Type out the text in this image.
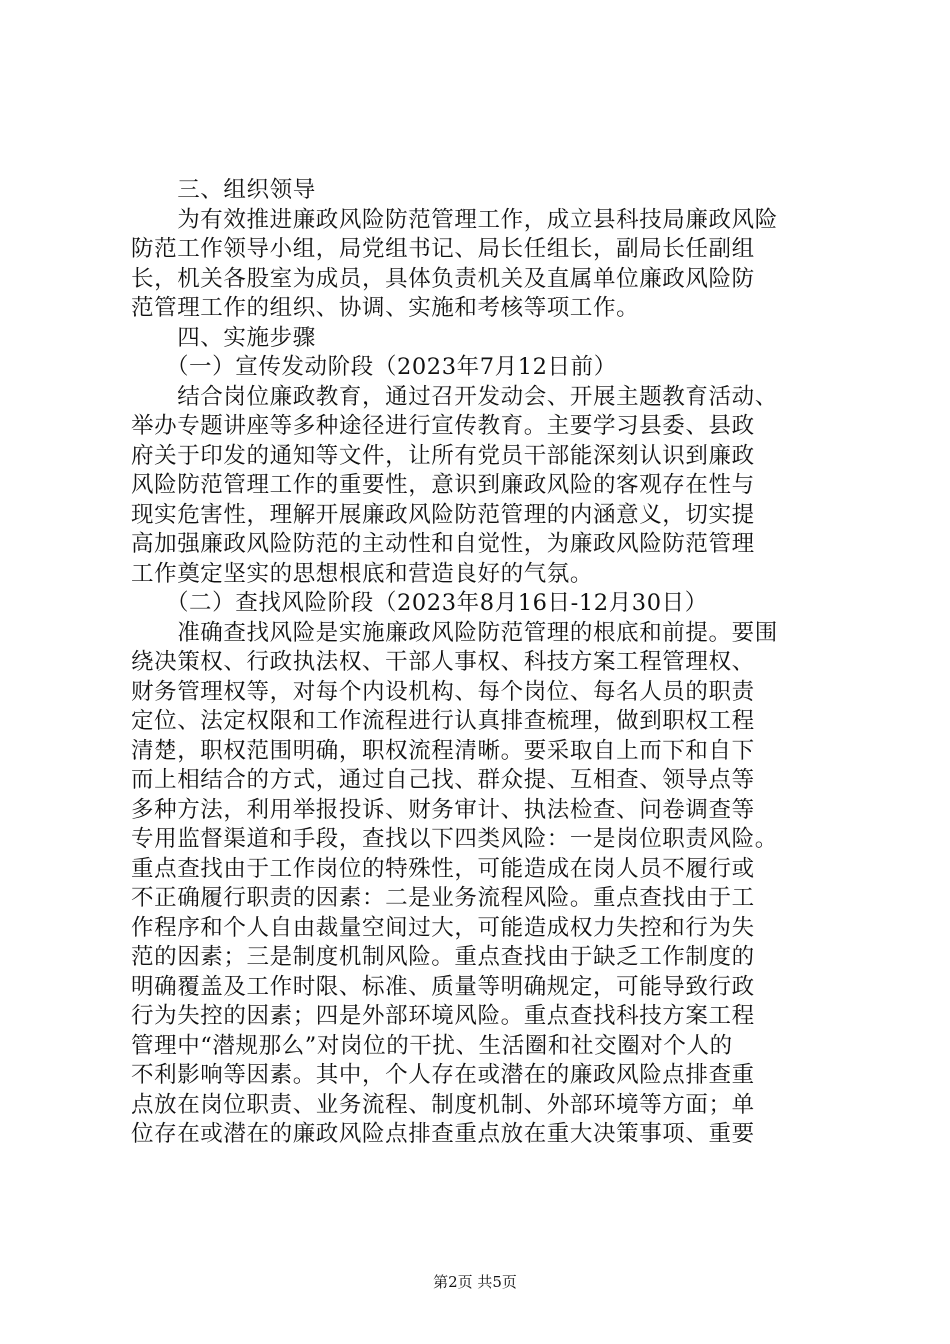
　　三、组织领导
　　为有效推进廉政风险防范管理工作，成立县科技局廉政风险
防范工作领导小组，局党组书记、局长任组长，副局长任副组
长，机关各股室为成员，具体负责机关及直属单位廉政风险防
范管理工作的组织、协调、实施和考核等项工作。
　　四、实施步骤
　　（一）宣传发动阶段（2023年7月12日前）
　　结合岗位廉政教育，通过召开发动会、开展主题教育活动、
举办专题讲座等多种途径进行宣传教育。主要学习县委、县政
府关于印发的通知等文件，让所有党员干部能深刻认识到廉政
风险防范管理工作的重要性，意识到廉政风险的客观存在性与
现实危害性，理解开展廉政风险防范管理的内涵意义，切实提
高加强廉政风险防范的主动性和自觉性，为廉政风险防范管理
工作奠定坚实的思想根底和营造良好的气氛。
　　（二）查找风险阶段（2023年8月16日-12月30日）
　　准确查找风险是实施廉政风险防范管理的根底和前提。要围
绕决策权、行政执法权、干部人事权、科技方案工程管理权、
财务管理权等，对每个内设机构、每个岗位、每名人员的职责
定位、法定权限和工作流程进行认真排查梳理，做到职权工程
清楚，职权范围明确，职权流程清晰。要采取自上而下和自下
而上相结合的方式，通过自己找、群众提、互相查、领导点等
多种方法，利用举报投诉、财务审计、执法检查、问卷调查等
专用监督渠道和手段，查找以下四类风险：一是岗位职责风险。
重点查找由于工作岗位的特殊性，可能造成在岗人员不履行或
不正确履行职责的因素：二是业务流程风险。重点查找由于工
作程序和个人自由裁量空间过大，可能造成权力失控和行为失
范的因素；三是制度机制风险。重点查找由于缺乏工作制度的
明确覆盖及工作时限、标准、质量等明确规定，可能导致行政
行为失控的因素；四是外部环境风险。重点查找科技方案工程
管理中“潜规那么”对岗位的干扰、生活圈和社交圈对个人的
不利影响等因素。其中，个人存在或潜在的廉政风险点排查重
点放在岗位职责、业务流程、制度机制、外部环境等方面；单
位存在或潜在的廉政风险点排查重点放在重大决策事项、重要
第2页 共5页
